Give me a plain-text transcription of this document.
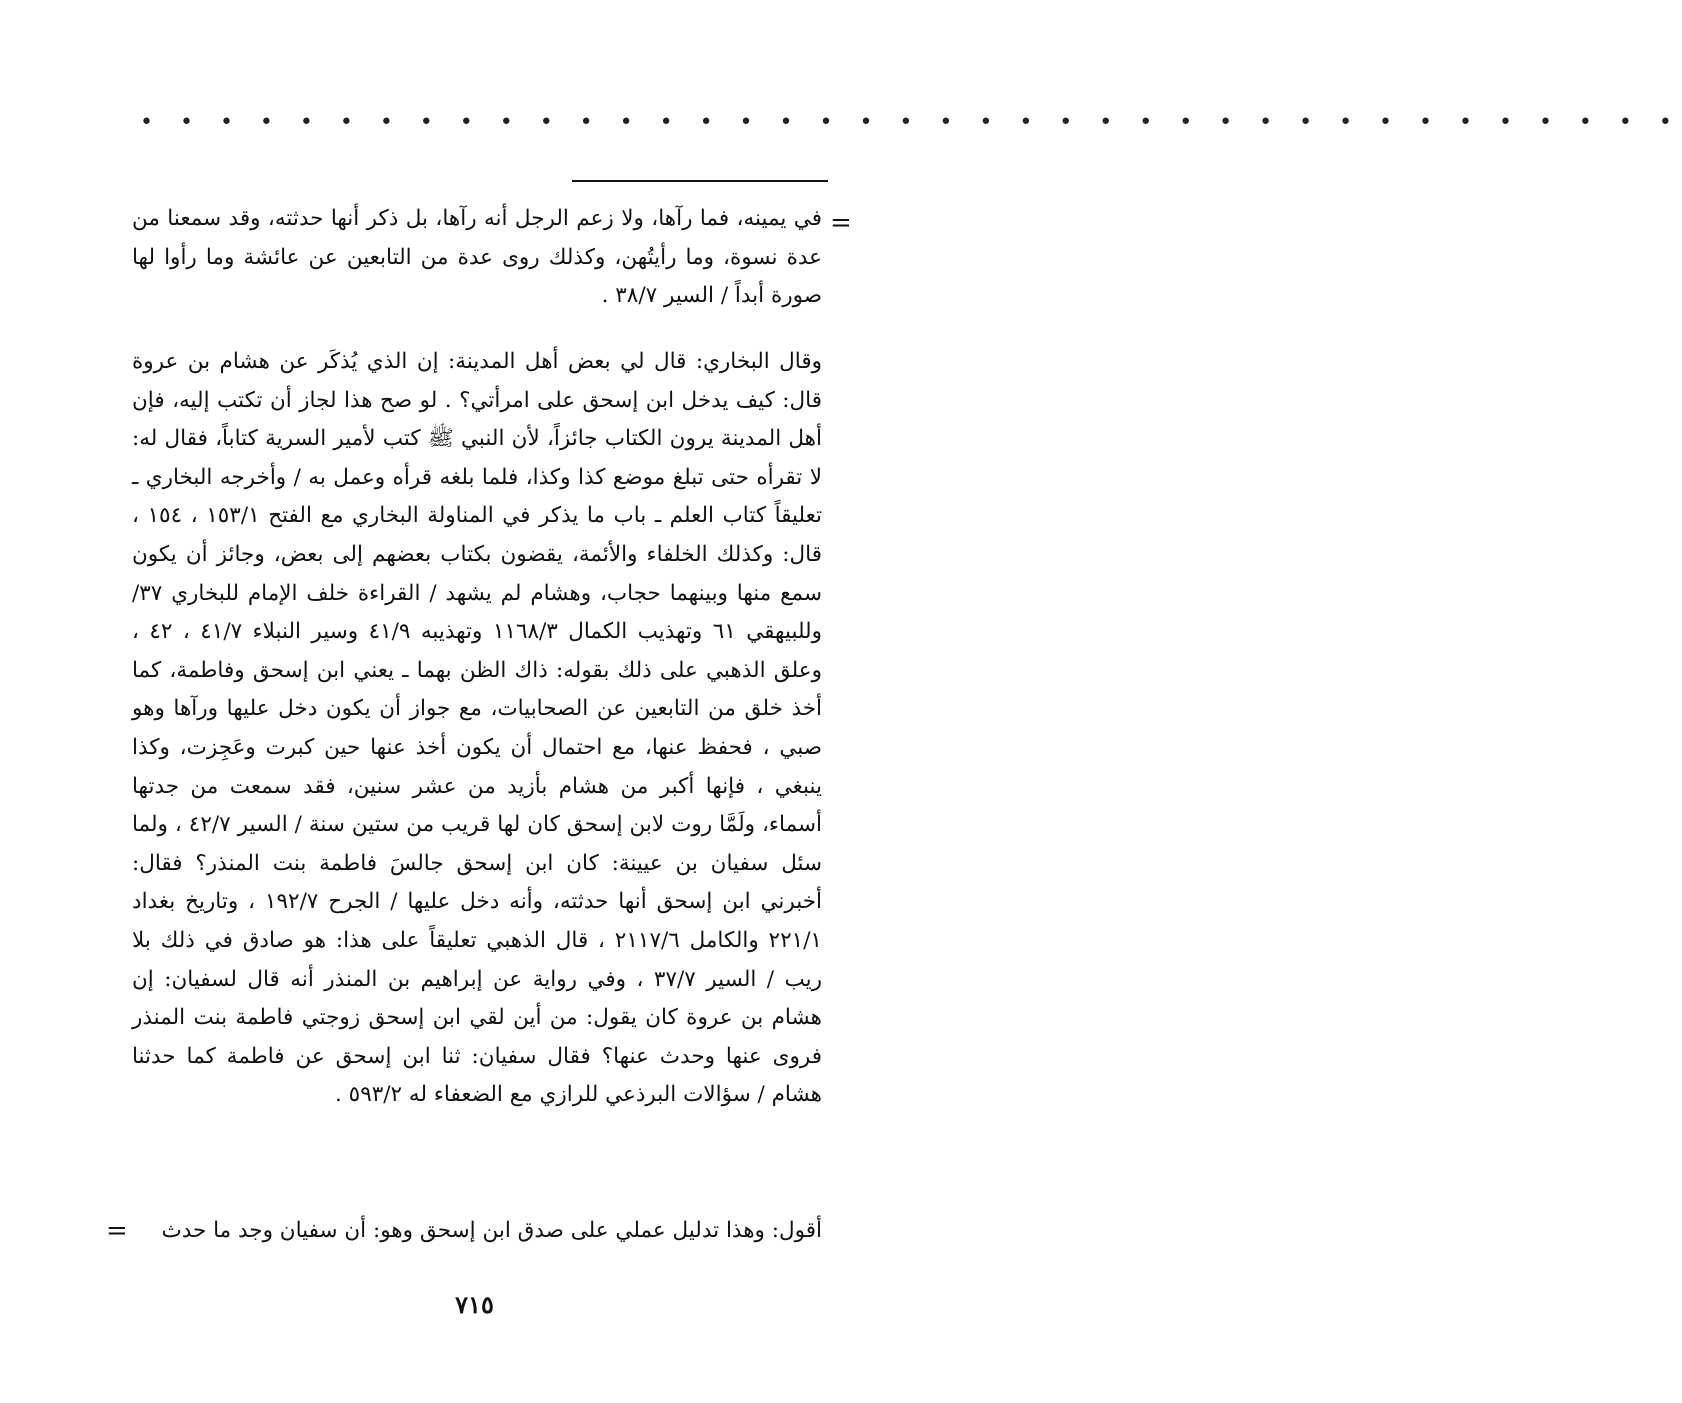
• • • • • • • • • • • • • • • • • • • • • • • • • • • • • • • • • • • • • • •
=

في يمينه، فما رآها، ولا زعم الرجل أنه رآها، بل ذكر أنها حدثته، وقد سمعنا من عدة نسوة، وما رأيتُهن، وكذلك روى عدة من التابعين عن عائشة وما رأوا لها صورة أبداً / السير ٣٨/٧ .

وقال البخاري: قال لي بعض أهل المدينة: إن الذي يُذكَر عن هشام بن عروة قال: كيف يدخل ابن إسحق على امرأتي؟ . لو صح هذا لجاز أن تكتب إليه، فإن أهل المدينة يرون الكتاب جائزاً، لأن النبي ﷺ كتب لأمير السرية كتاباً، فقال له: لا تقرأه حتى تبلغ موضع كذا وكذا، فلما بلغه قرأه وعمل به / وأخرجه البخاري ـ تعليقاً كتاب العلم ـ باب ما يذكر في المناولة البخاري مع الفتح ١٥٣/١ ، ١٥٤ ، قال: وكذلك الخلفاء والأئمة، يقضون بكتاب بعضهم إلى بعض، وجائز أن يكون سمع منها وبينهما حجاب، وهشام لم يشهد / القراءة خلف الإمام للبخاري ٣٧/ وللبيهقي ٦١ وتهذيب الكمال ١١٦٨/٣ وتهذيبه ٤١/٩ وسير النبلاء ٤١/٧ ، ٤٢ ، وعلق الذهبي على ذلك بقوله: ذاك الظن بهما ـ يعني ابن إسحق وفاطمة، كما أخذ خلق من التابعين عن الصحابيات، مع جواز أن يكون دخل عليها ورآها وهو صبي ، فحفظ عنها، مع احتمال أن يكون أخذ عنها حين كبرت وعَجِزت، وكذا ينبغي ، فإنها أكبر من هشام بأزيد من عشر سنين، فقد سمعت من جدتها أسماء، ولَمَّا روت لابن إسحق كان لها قريب من ستين سنة / السير ٤٢/٧ ، ولما سئل سفيان بن عيينة: كان ابن إسحق جالسَ فاطمة بنت المنذر؟ فقال: أخبرني ابن إسحق أنها حدثته، وأنه دخل عليها / الجرح ١٩٢/٧ ، وتاريخ بغداد ٢٢١/١ والكامل ٢١١٧/٦ ، قال الذهبي تعليقاً على هذا: هو صادق في ذلك بلا ريب / السير ٣٧/٧ ، وفي رواية عن إبراهيم بن المنذر أنه قال لسفيان: إن هشام بن عروة كان يقول: من أين لقي ابن إسحق زوجتي فاطمة بنت المنذر فروى عنها وحدث عنها؟ فقال سفيان: ثنا ابن إسحق عن فاطمة كما حدثنا هشام / سؤالات البرذعي للرازي مع الضعفاء له ٥٩٣/٢ .

أقول: وهذا تدليل عملي على صدق ابن إسحق وهو: أن سفيان وجد ما حدث

=
٧١٥
